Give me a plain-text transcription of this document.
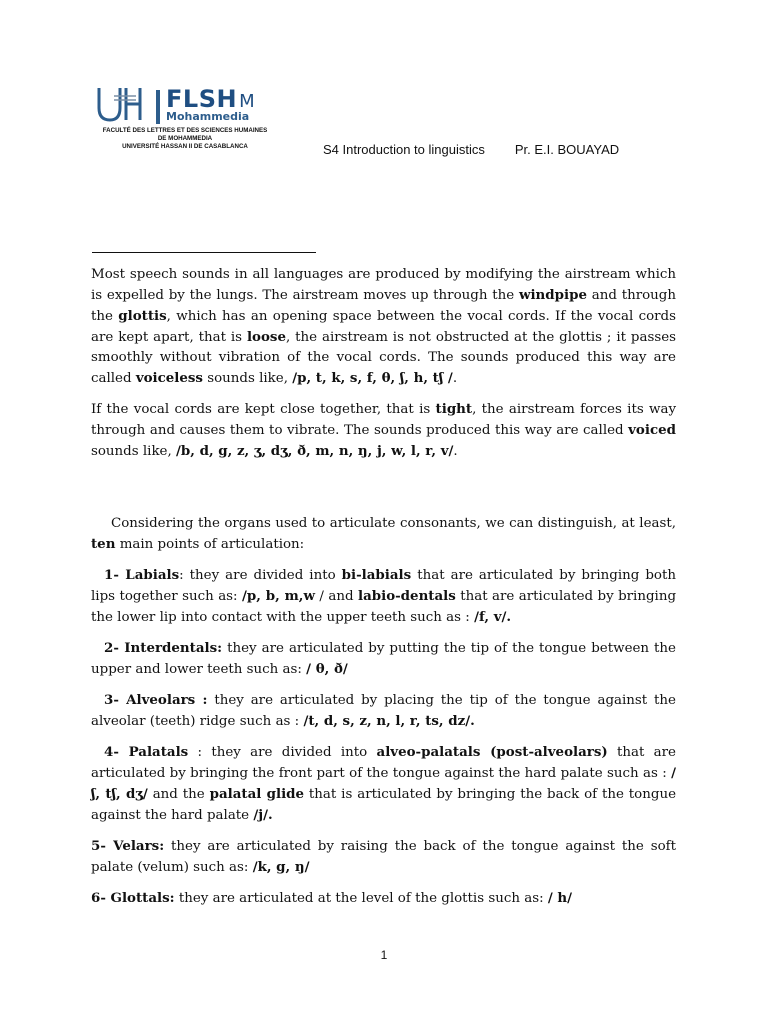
UH2
FLSH M
Mohammedia
FACULTÉ DES LETTRES ET DES SCIENCES HUMAINES
DE MOHAMMEDIA
UNIVERSITÉ HASSAN II DE CASABLANCA	S4 Introduction to linguistics Pr. E.I. BOUAYAD

Most speech sounds in all languages are produced by modifying the airstream which is expelled by the lungs. The airstream moves up through the windpipe and through the glottis, which has an opening space between the vocal cords. If the vocal cords are kept apart, that is loose, the airstream is not obstructed at the glottis ; it passes smoothly without vibration of the vocal cords. The sounds produced this way are called voiceless sounds like, /p, t, k, s, f, θ, ʃ, h, tʃ /.

If the vocal cords are kept close together, that is tight, the airstream forces its way through and causes them to vibrate. The sounds produced this way are called voiced sounds like, /b, d, g, z, ʒ, dʒ, ð, m, n, ŋ, j, w, l, r, v/.

Considering the organs used to articulate consonants, we can distinguish, at least, ten main points of articulation:

1- Labials: they are divided into bi-labials that are articulated by bringing both lips together such as: /p, b, m,w / and labio-dentals that are articulated by bringing the lower lip into contact with the upper teeth such as : /f, v/.

2- Interdentals: they are articulated by putting the tip of the tongue between the upper and lower teeth such as: / θ, ð/

3- Alveolars : they are articulated by placing the tip of the tongue against the alveolar (teeth) ridge such as : /t, d, s, z, n, l, r, ts, dz/.

4- Palatals : they are divided into alveo-palatals (post-alveolars) that are articulated by bringing the front part of the tongue against the hard palate such as : / ʃ, tʃ, dʒ/ and the palatal glide that is articulated by bringing the back of the tongue against the hard palate /j/.

5- Velars: they are articulated by raising the back of the tongue against the soft palate (velum) such as: /k, g, ŋ/

6- Glottals: they are articulated at the level of the glottis such as: / h/

1
